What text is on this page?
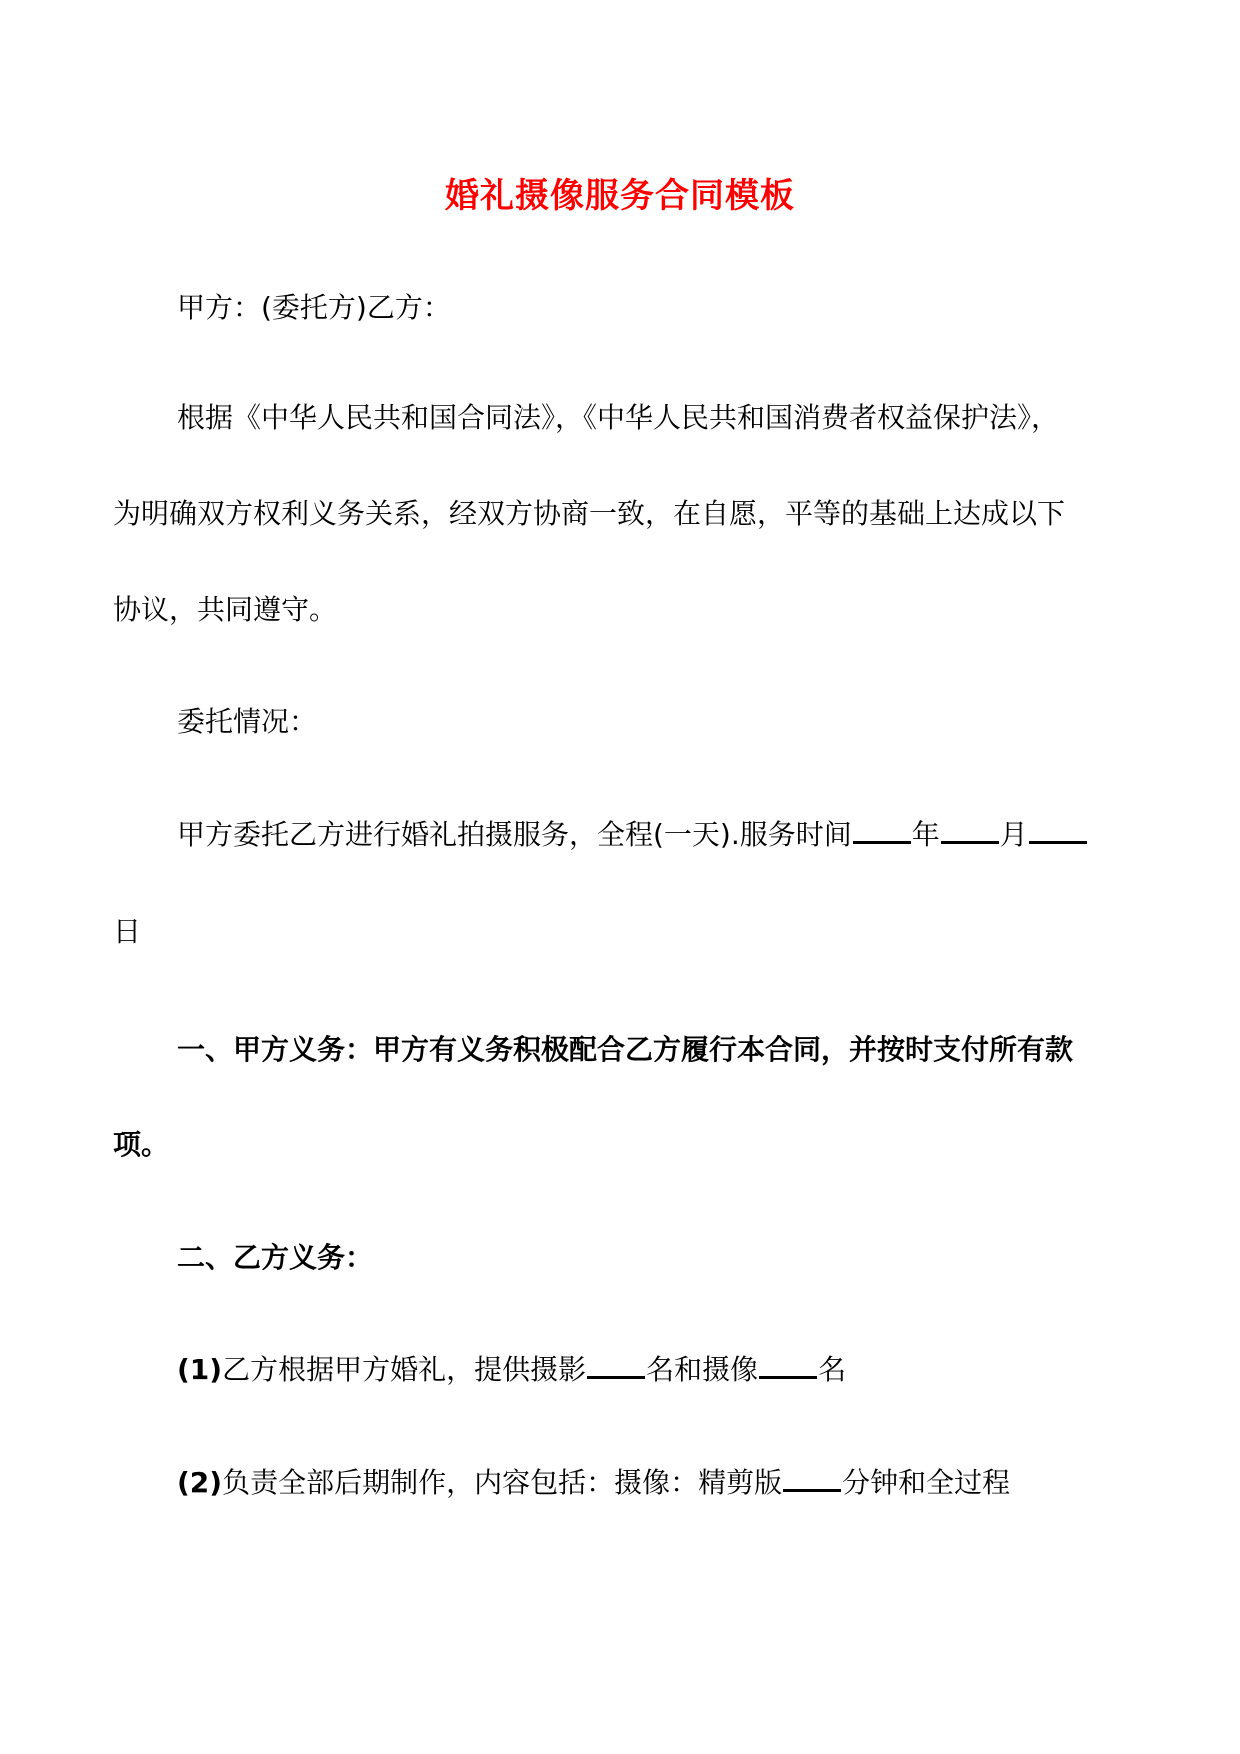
婚礼摄像服务合同模板
甲方：(委托方)乙方：
根据《中华人民共和国合同法》，《中华人民共和国消费者权益保护法》，
为明确双方权利义务关系，经双方协商一致，在自愿，平等的基础上达成以下
协议，共同遵守。
委托情况：
甲方委托乙方进行婚礼拍摄服务，全程(一天).服务时间 年 月
日
一、甲方义务：甲方有义务积极配合乙方履行本合同，并按时支付所有款
项。
二、乙方义务：
(1)乙方根据甲方婚礼，提供摄影 名和摄像 名
(2)负责全部后期制作，内容包括：摄像：精剪版 分钟和全过程
